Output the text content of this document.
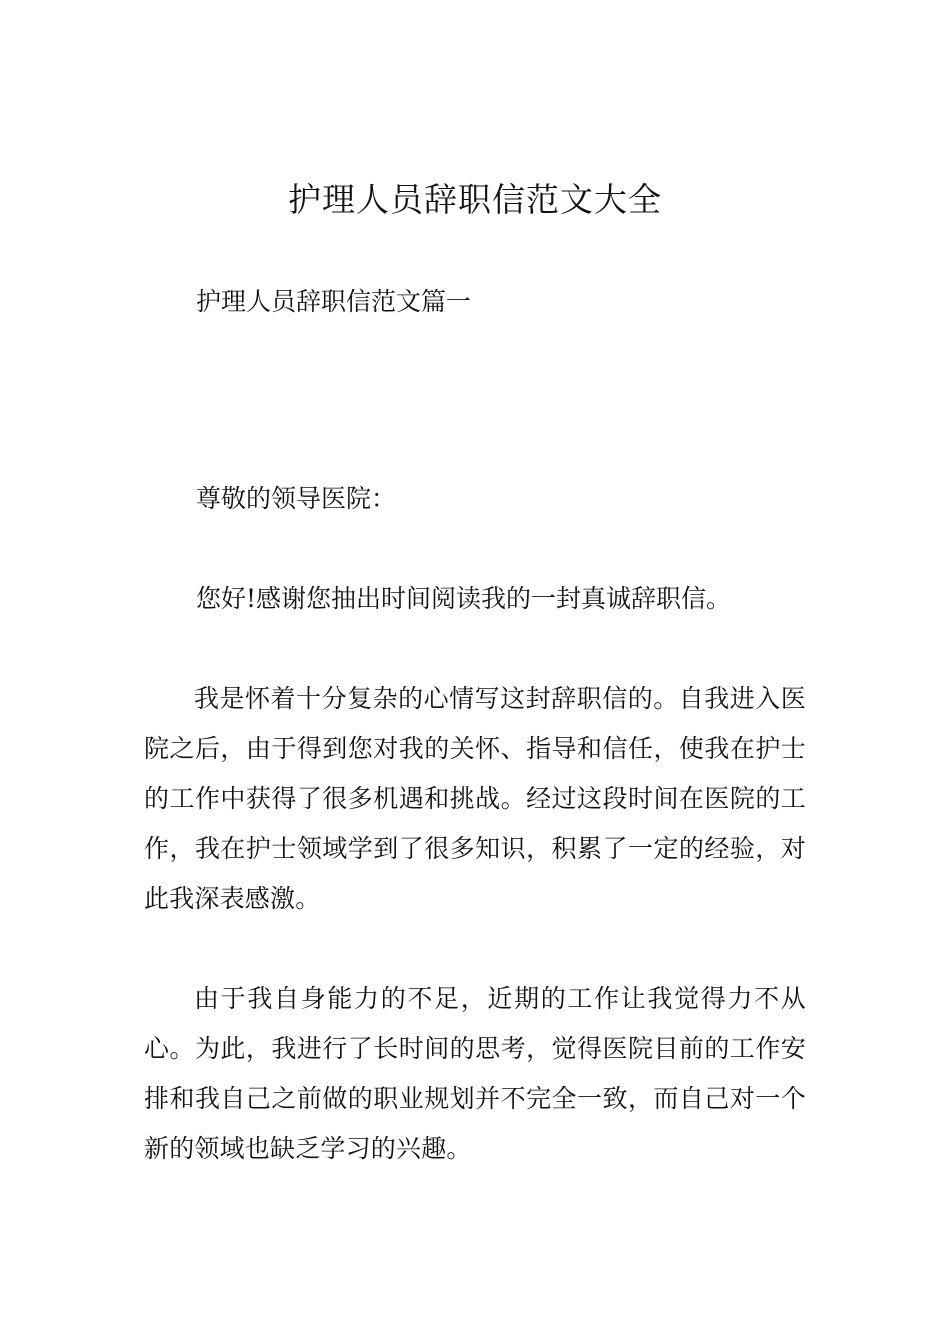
护理人员辞职信范文大全
护理人员辞职信范文篇一
尊敬的领导医院：
您好!感谢您抽出时间阅读我的一封真诚辞职信。
我是怀着十分复杂的心情写这封辞职信的。自我进入医院之后，由于得到您对我的关怀、指导和信任，使我在护士的工作中获得了很多机遇和挑战。经过这段时间在医院的工作，我在护士领域学到了很多知识，积累了一定的经验，对此我深表感激。
由于我自身能力的不足，近期的工作让我觉得力不从心。为此，我进行了长时间的思考，觉得医院目前的工作安排和我自己之前做的职业规划并不完全一致，而自己对一个新的领域也缺乏学习的兴趣。
